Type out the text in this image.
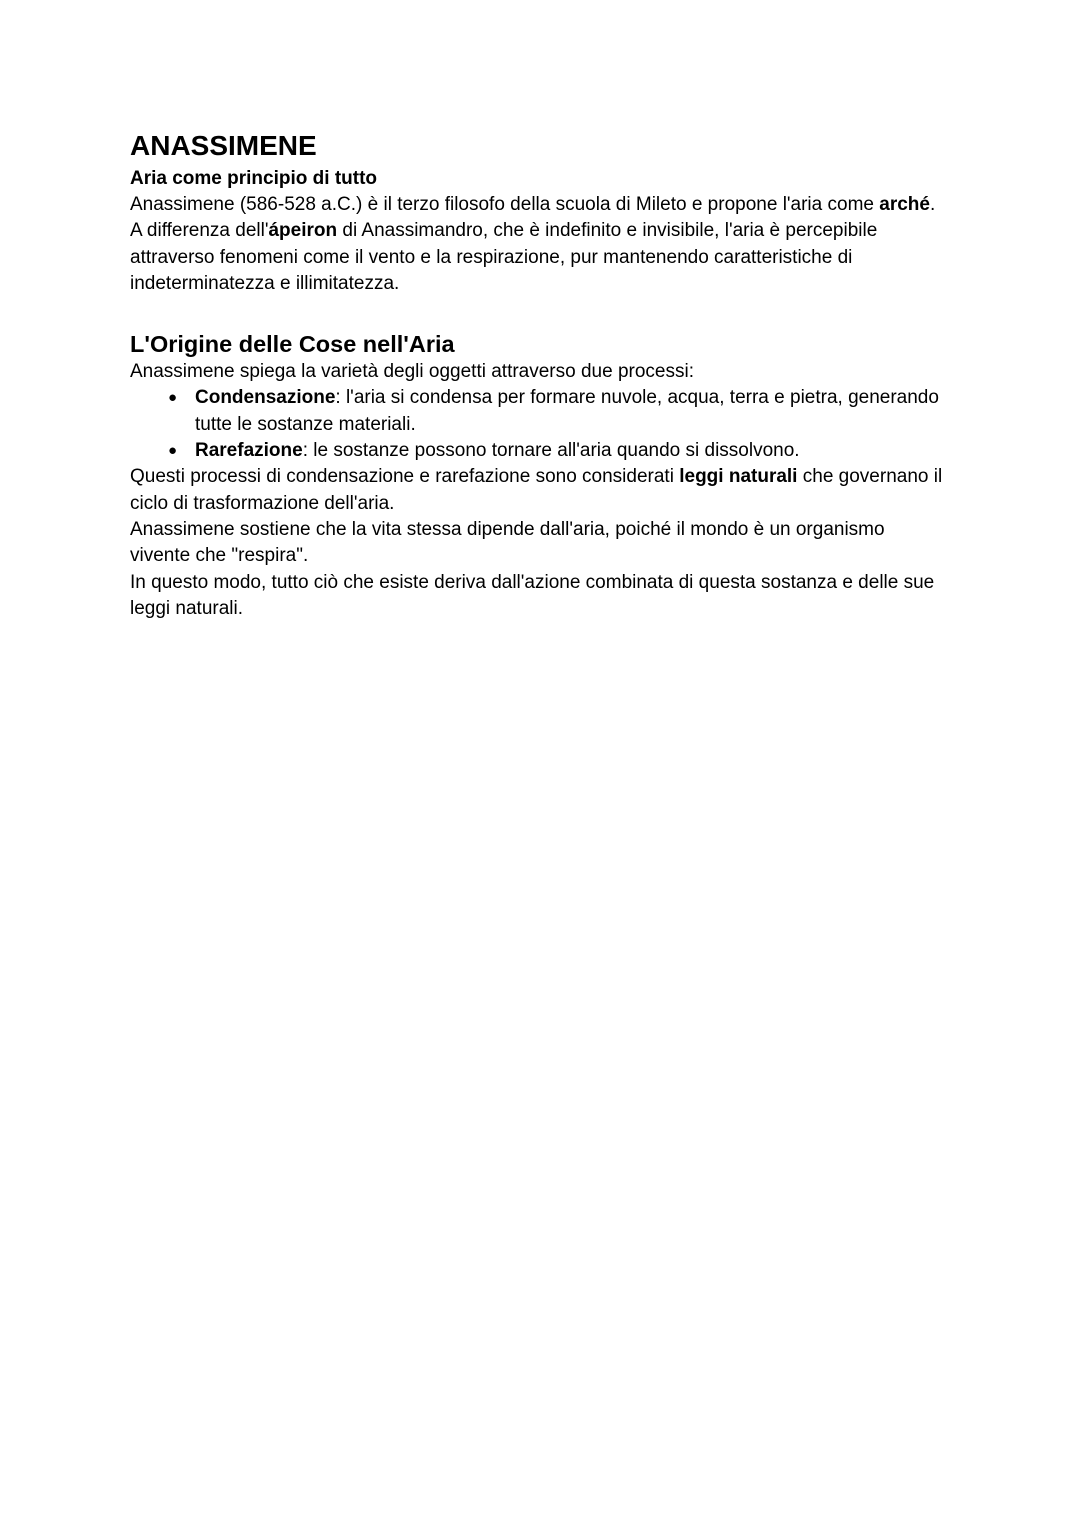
ANASSIMENE
Aria come principio di tutto

Anassimene (586-528 a.C.) è il terzo filosofo della scuola di Mileto e propone l'aria come arché. A differenza dell'ápeiron di Anassimandro, che è indefinito e invisibile, l'aria è percepibile attraverso fenomeni come il vento e la respirazione, pur mantenendo caratteristiche di indeterminatezza e illimitatezza.

L'Origine delle Cose nell'Aria

Anassimene spiega la varietà degli oggetti attraverso due processi:

● Condensazione: l'aria si condensa per formare nuvole, acqua, terra e pietra, generando tutte le sostanze materiali.
● Rarefazione: le sostanze possono tornare all'aria quando si dissolvono.

Questi processi di condensazione e rarefazione sono considerati leggi naturali che governano il ciclo di trasformazione dell'aria.

Anassimene sostiene che la vita stessa dipende dall'aria, poiché il mondo è un organismo vivente che "respira".

In questo modo, tutto ciò che esiste deriva dall'azione combinata di questa sostanza e delle sue leggi naturali.
